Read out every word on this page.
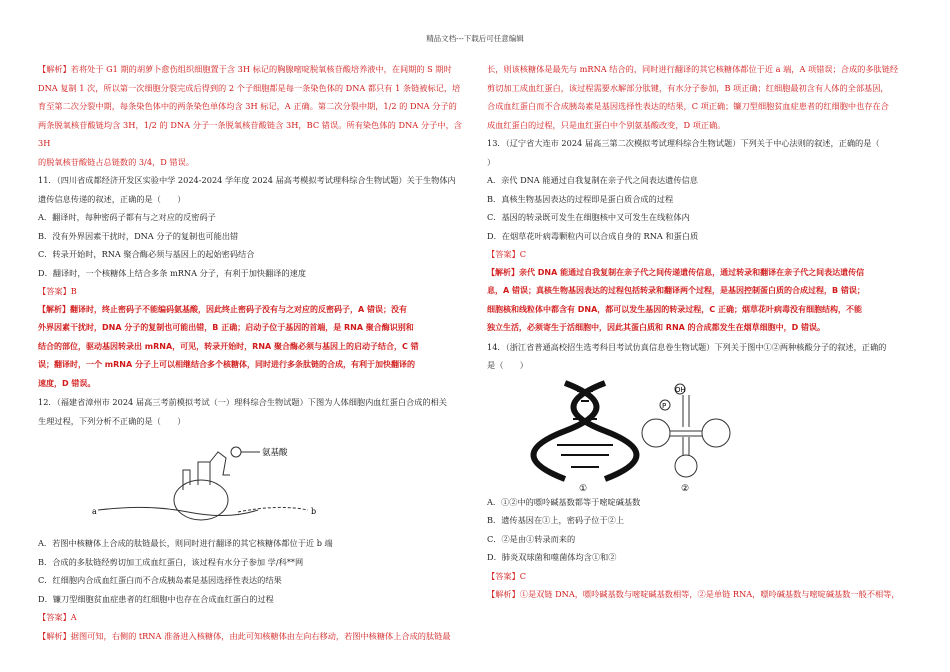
精品文档---下载后可任意编辑

【解析】若将处于 G1 期的胡萝卜愈伤组织细胞置于含 3H 标记的胸腺嘧啶脱氧核苷酸培养液中，在间期的 S 期时

DNA 复制 1 次，所以第一次细胞分裂完成后得到的 2 个子细胞都是每一条染色体的 DNA 都只有 1 条链被标记，培

育至第二次分裂中期，每条染色体中的两条染色单体均含 3H 标记，A 正确。第二次分裂中期，1/2 的 DNA 分子的

两条脱氧核苷酸链均含 3H，1/2 的 DNA 分子一条脱氧核苷酸链含 3H，BC 错误。所有染色体的 DNA 分子中，含 3H

的脱氧核苷酸链占总链数的 3/4，D 错误。

11．（四川省成都经济开发区实验中学 2024-2024 学年度 2024 届高考模拟考试理科综合生物试题）关于生物体内

遗传信息传递的叙述，正确的是（　　）

A．翻译时，每种密码子都有与之对应的反密码子

B．没有外界因素干扰时，DNA 分子的复制也可能出错

C．转录开始时，RNA 聚合酶必须与基因上的起始密码结合

D．翻译时，一个核糖体上结合多条 mRNA 分子，有利于加快翻译的速度

【答案】B

【解析】翻译时，终止密码子不能编码氨基酸，因此终止密码子没有与之对应的反密码子，A 错误；没有

外界因素干扰时，DNA 分子的复制也可能出错，B 正确；启动子位于基因的首端，是 RNA 聚合酶识别和

结合的部位，驱动基因转录出 mRNA，可见，转录开始时，RNA 聚合酶必须与基因上的启动子结合，C 错

误；翻译时，一个 mRNA 分子上可以相继结合多个核糖体，同时进行多条肽链的合成，有利于加快翻译的

速度，D 错误。

12．（福建省漳州市 2024 届高三考前模拟考试（一）理科综合生物试题）下图为人体细胞内血红蛋白合成的相关

生理过程，下列分析不正确的是（　　）

氨基酸
a	b

A．若图中核糖体上合成的肽链最长，则同时进行翻译的其它核糖体都位于近 b 端

B．合成的多肽链经剪切加工成血红蛋白，该过程有水分子参加 学/科**网

C．红细胞内合成血红蛋白而不合成胰岛素是基因选择性表达的结果

D．镰刀型细胞贫血症患者的红细胞中也存在合成血红蛋白的过程

【答案】A

【解析】据图可知，右侧的 tRNA 准备进入核糖体，由此可知核糖体由左向右移动，若图中核糖体上合成的肽链最

长，则该核糖体是最先与 mRNA 结合的，同时进行翻译的其它核糖体都位于近 a 端，A 项错误；合成的多肽链经

剪切加工成血红蛋白，该过程需要水解部分肽键，有水分子参加，B 项正确；红细胞最初含有人体的全部基因，

合成血红蛋白而不合成胰岛素是基因选择性表达的结果，C 项正确；镰刀型细胞贫血症患者的红细胞中也存在合

成血红蛋白的过程，只是血红蛋白中个别氨基酸改变，D 项正确。

13．（辽宁省大连市 2024 届高三第二次模拟考试理科综合生物试题）下列关于中心法则的叙述，正确的是（

）

A．亲代 DNA 能通过自我复制在亲子代之间表达遗传信息

B．真核生物基因表达的过程即是蛋白质合成的过程

C．基因的转录既可发生在细胞核中又可发生在线粒体内

D．在烟草花叶病毒颗粒内可以合成自身的 RNA 和蛋白质

【答案】C

【解析】亲代 DNA 能通过自我复制在亲子代之间传递遗传信息，通过转录和翻译在亲子代之间表达遗传信

息，A 错误；真核生物基因表达的过程包括转录和翻译两个过程，是基因控制蛋白质的合成过程，B 错误；

细胞核和线粒体中都含有 DNA，都可以发生基因的转录过程，C 正确；烟草花叶病毒没有细胞结构，不能

独立生活，必须寄生于活细胞中，因此其蛋白质和 RNA 的合成都发生在烟草细胞中，D 错误。

14．（浙江省普通高校招生选考科目考试仿真信息卷生物试题）下列关于图中①②两种核酸分子的叙述，正确的

是（　　）

①
OH
P
②

A．①②中的嘌呤碱基数都等于嘧啶碱基数

B．遗传基因在①上，密码子位于②上

C．②是由①转录而来的

D．肺炎双球菌和噬菌体均含①和②

【答案】C

【解析】①是双链 DNA，嘌呤碱基数与嘧啶碱基数相等，②是单链 RNA，嘌呤碱基数与嘧啶碱基数一般不相等，
